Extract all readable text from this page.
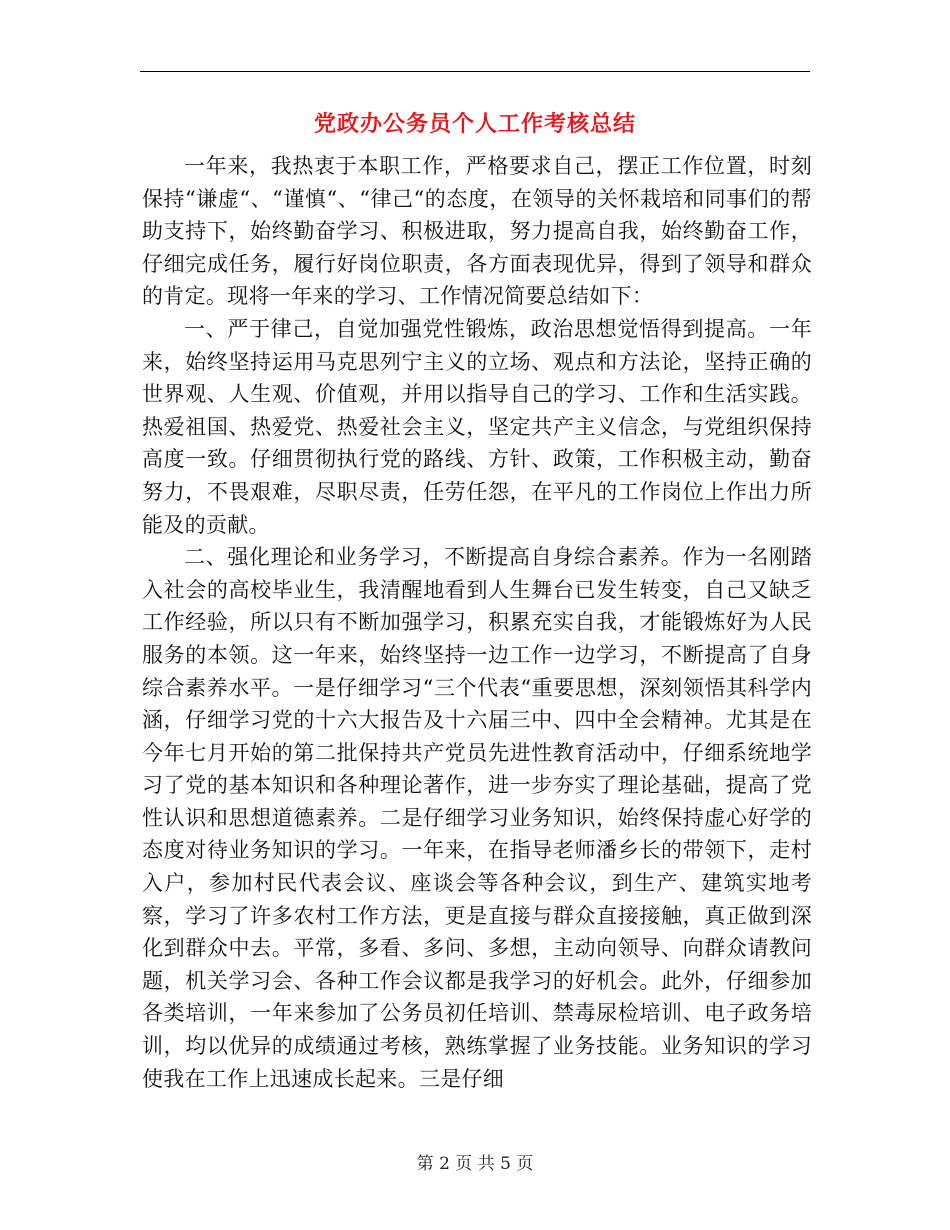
党政办公务员个人工作考核总结

一年来，我热衷于本职工作，严格要求自己，摆正工作位置，时刻保持“谦虚“、“谨慎“、“律己“的态度，在领导的关怀栽培和同事们的帮助支持下，始终勤奋学习、积极进取，努力提高自我，始终勤奋工作，仔细完成任务，履行好岗位职责，各方面表现优异，得到了领导和群众的肯定。现将一年来的学习、工作情况简要总结如下：

一、严于律己，自觉加强党性锻炼，政治思想觉悟得到提高。一年来，始终坚持运用马克思列宁主义的立场、观点和方法论，坚持正确的世界观、人生观、价值观，并用以指导自己的学习、工作和生活实践。热爱祖国、热爱党、热爱社会主义，坚定共产主义信念，与党组织保持高度一致。仔细贯彻执行党的路线、方针、政策，工作积极主动，勤奋努力，不畏艰难，尽职尽责，任劳任怨，在平凡的工作岗位上作出力所能及的贡献。

二、强化理论和业务学习，不断提高自身综合素养。作为一名刚踏入社会的高校毕业生，我清醒地看到人生舞台已发生转变，自己又缺乏工作经验，所以只有不断加强学习，积累充实自我，才能锻炼好为人民服务的本领。这一年来，始终坚持一边工作一边学习，不断提高了自身综合素养水平。一是仔细学习“三个代表“重要思想，深刻领悟其科学内涵，仔细学习党的十六大报告及十六届三中、四中全会精神。尤其是在今年七月开始的第二批保持共产党员先进性教育活动中，仔细系统地学习了党的基本知识和各种理论著作，进一步夯实了理论基础，提高了党性认识和思想道德素养。二是仔细学习业务知识，始终保持虚心好学的态度对待业务知识的学习。一年来，在指导老师潘乡长的带领下，走村入户，参加村民代表会议、座谈会等各种会议，到生产、建筑实地考察，学习了许多农村工作方法，更是直接与群众直接接触，真正做到深化到群众中去。平常，多看、多问、多想，主动向领导、向群众请教问题，机关学习会、各种工作会议都是我学习的好机会。此外，仔细参加各类培训，一年来参加了公务员初任培训、禁毒尿检培训、电子政务培训，均以优异的成绩通过考核，熟练掌握了业务技能。业务知识的学习使我在工作上迅速成长起来。三是仔细

第 2 页 共 5 页
